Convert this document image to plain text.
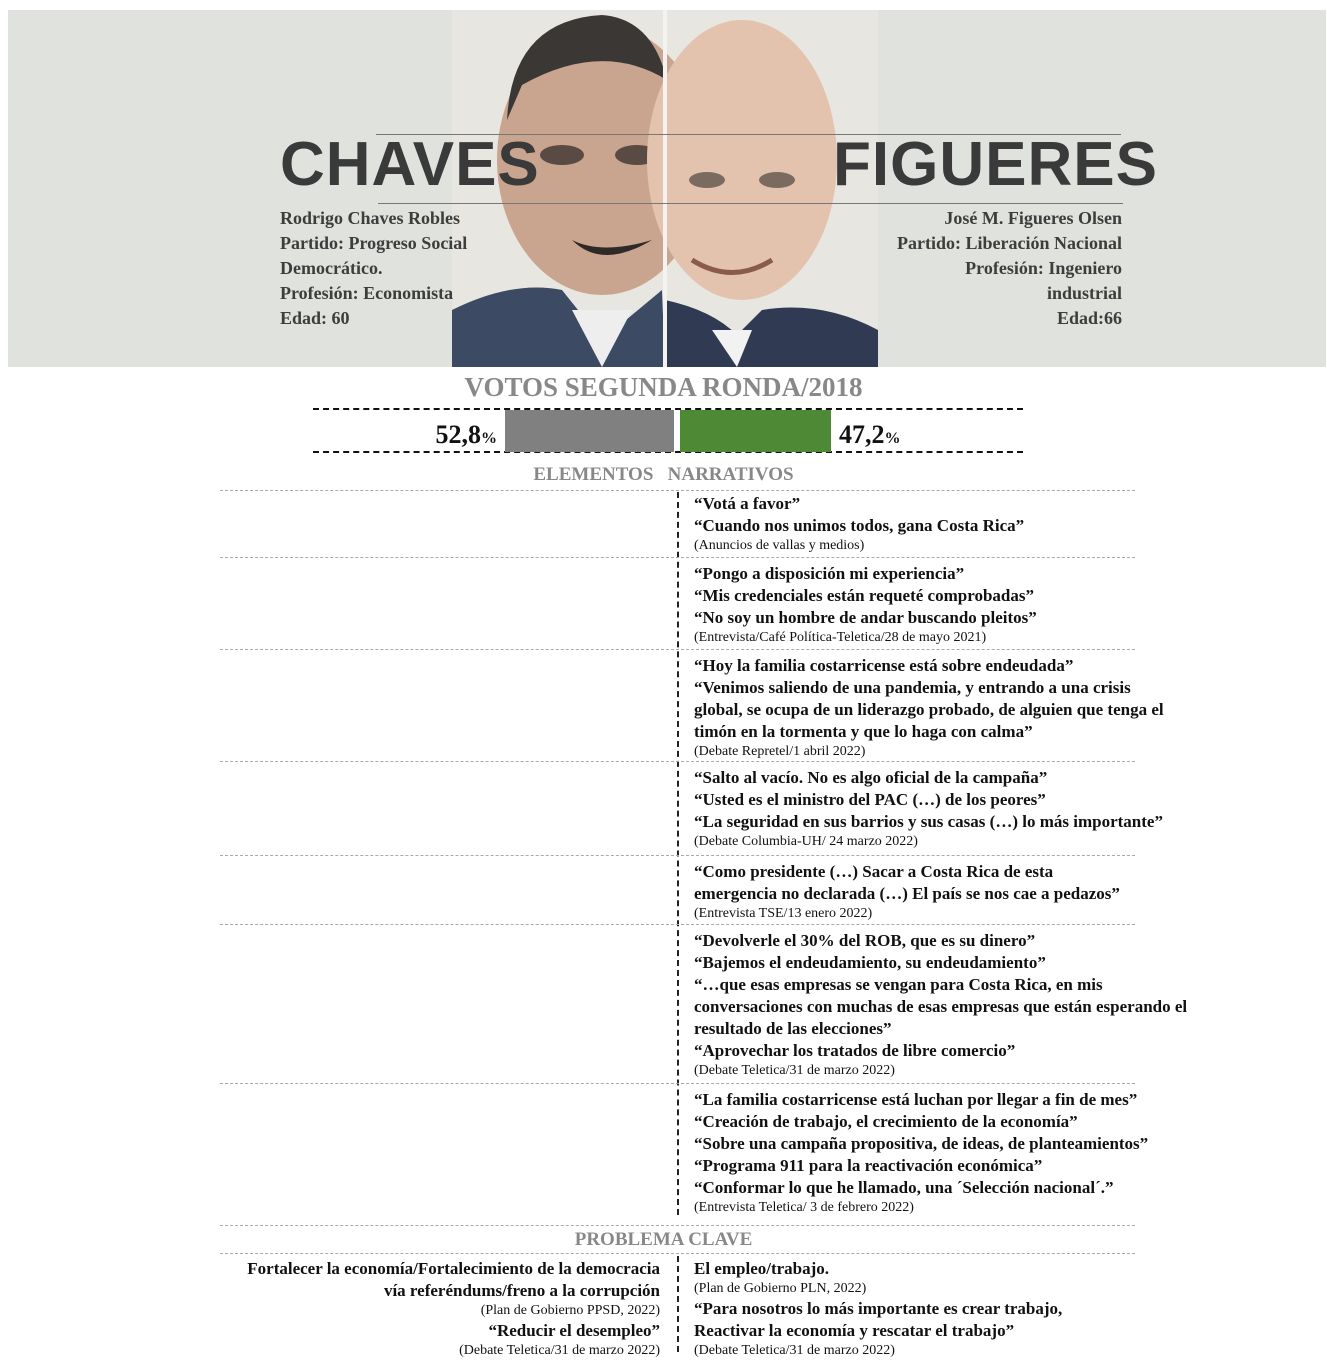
CHAVES	FIGUERES
Rodrigo Chaves Robles
Partido: Progreso Social
Democrático.
Profesión: Economista
Edad: 60
José M. Figueres Olsen
Partido: Liberación Nacional
Profesión: Ingeniero
industrial
Edad:66
VOTOS SEGUNDA RONDA/2018
52,8%	47,2%
ELEMENTOS   NARRATIVOS
“Votá a favor”
“Cuando nos unimos todos, gana Costa Rica”
(Anuncios de vallas y medios)
“Pongo a disposición mi experiencia”
“Mis credenciales están requeté comprobadas”
“No soy un hombre de andar buscando pleitos”
(Entrevista/Café Política-Teletica/28 de mayo 2021)
“Hoy la familia costarricense está sobre endeudada”
“Venimos saliendo de una pandemia, y entrando a una crisis
global, se ocupa de un liderazgo probado, de alguien que tenga el
timón en la tormenta y que lo haga con calma”
(Debate Repretel/1 abril 2022)
“Salto al vacío. No es algo oficial de la campaña”
“Usted es el ministro del PAC (…) de los peores”
“La seguridad en sus barrios y sus casas (…) lo más importante”
(Debate Columbia-UH/ 24 marzo 2022)
“Como presidente (…) Sacar a Costa Rica de esta
emergencia no declarada (…) El país se nos cae a pedazos”
(Entrevista TSE/13 enero 2022)
“Devolverle el 30% del ROB, que es su dinero”
“Bajemos el endeudamiento, su endeudamiento”
“…que esas empresas se vengan para Costa Rica, en mis
conversaciones con muchas de esas empresas que están esperando el
resultado de las elecciones”
“Aprovechar los tratados de libre comercio”
(Debate Teletica/31 de marzo 2022)
“La familia costarricense está luchan por llegar a fin de mes”
“Creación de trabajo, el crecimiento de la economía”
“Sobre una campaña propositiva, de ideas, de planteamientos”
“Programa 911 para la reactivación económica”
“Conformar lo que he llamado, una ´Selección nacional´.”
(Entrevista Teletica/ 3 de febrero 2022)
PROBLEMA CLAVE
Fortalecer la economía/Fortalecimiento de la democracia
vía referéndums/freno a la corrupción
(Plan de Gobierno PPSD, 2022)
“Reducir el desempleo”
(Debate Teletica/31 de marzo 2022)
El empleo/trabajo.
(Plan de Gobierno PLN, 2022)
“Para nosotros lo más importante es crear trabajo,
Reactivar la economía y rescatar el trabajo”
(Debate Teletica/31 de marzo 2022)
